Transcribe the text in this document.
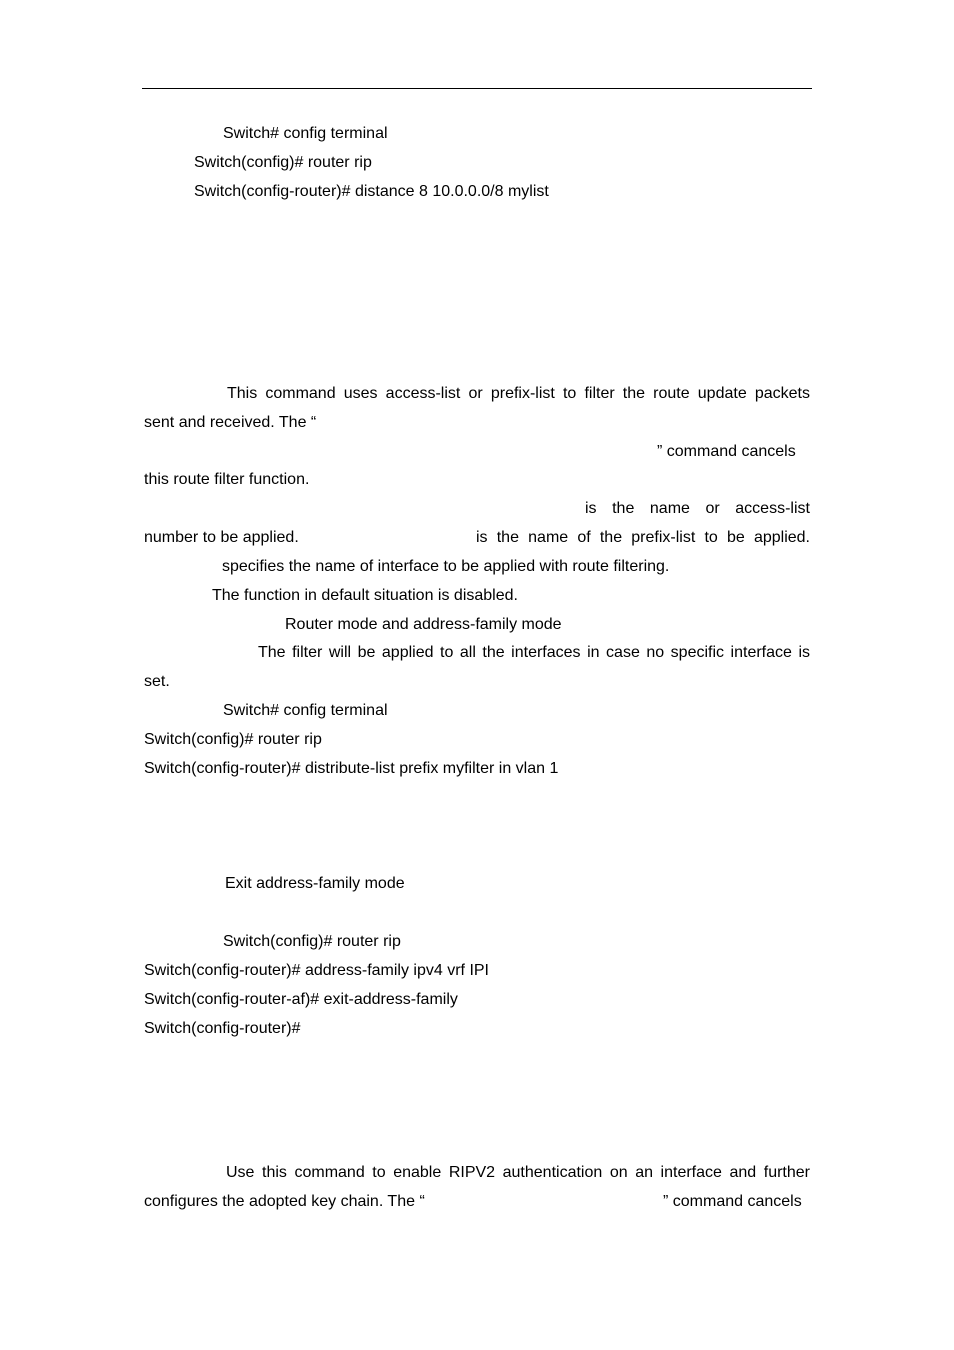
Switch# config terminal
Switch(config)# router rip
Switch(config-router)# distance 8 10.0.0.0/8 mylist
This command uses access-list or prefix-list to filter the route update packets
sent and received. The “
” command cancels
this route filter function.
is the name or access-list
number to be applied.	is the name of the prefix-list to be applied.
specifies the name of interface to be applied with route filtering.
The function in default situation is disabled.
Router mode and address-family mode
The filter will be applied to all the interfaces in case no specific interface is
set.
Switch# config terminal
Switch(config)# router rip
Switch(config-router)# distribute-list prefix myfilter in vlan 1
Exit address-family mode
Switch(config)# router rip
Switch(config-router)# address-family ipv4 vrf IPI
Switch(config-router-af)# exit-address-family
Switch(config-router)#
Use this command to enable RIPV2 authentication on an interface and further
configures the adopted key chain. The “	” command cancels
